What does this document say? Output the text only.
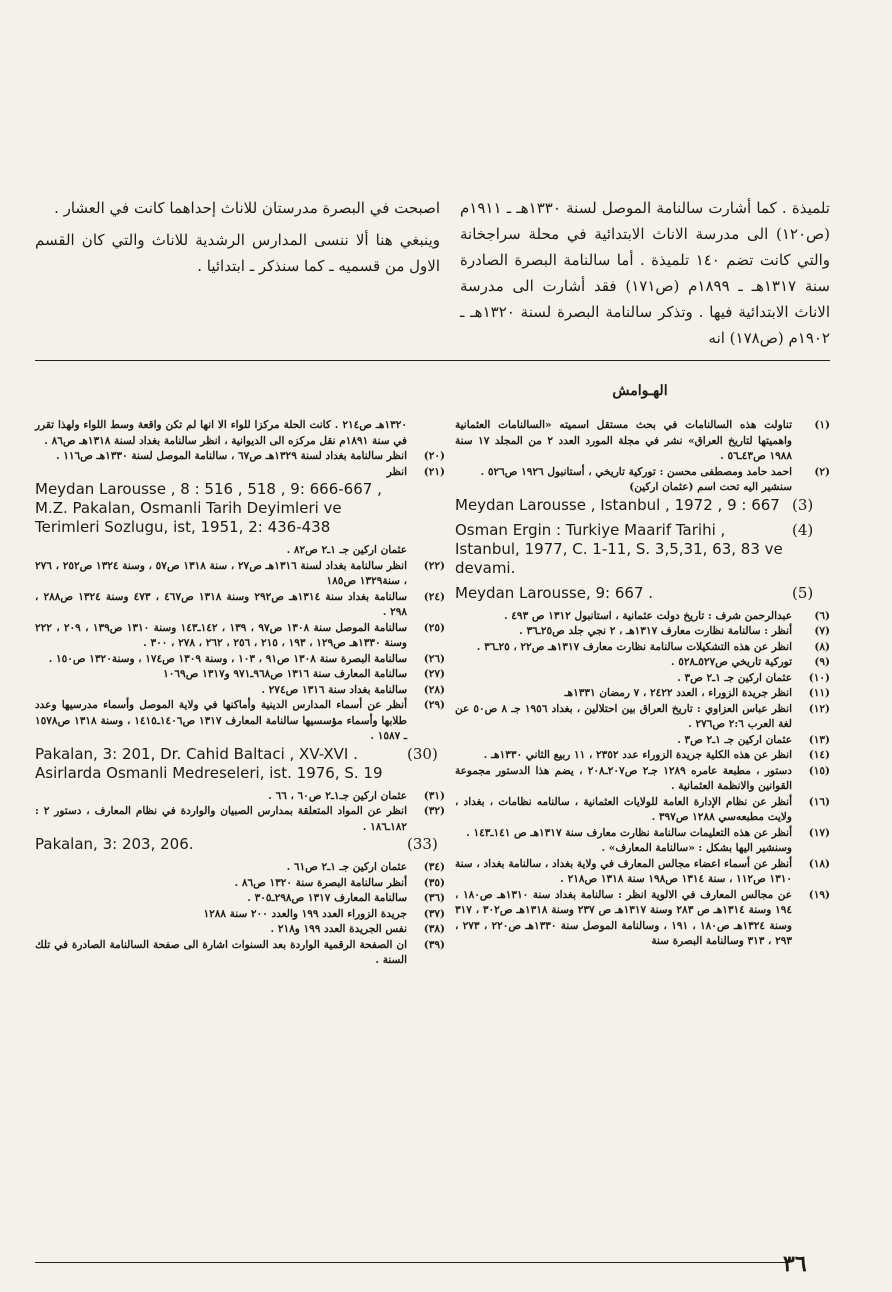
تلميذة . كما أشارت سالنامة الموصل لسنة ١٣٣٠هـ ـ ١٩١١م (ص١٢٠) الى مدرسة الاناث الابتدائية في محلة سراجخانة والتي كانت تضم ١٤٠ تلميذة . أما سالنامة البصرة الصادرة سنة ١٣١٧هـ ـ ١٨٩٩م (ص١٧١) فقد أشارت الى مدرسة الاناث الابتدائية فيها . وتذكر سالنامة البصرة لسنة ١٣٢٠هـ ـ ١٩٠٢م (ص١٧٨) انه

اصبحت في البصرة مدرستان للاناث إحداهما كانت في العشار .

وينبغي هنا ألا ننسى المدارس الرشدية للاناث والتي كان القسم الاول من قسميه ـ كما سنذكر ـ ابتدائيا .

الهـوامش
(١)
تناولت هذه السالنامات في بحث مستقل اسميته «السالنامات العثمانية واهميتها لتاريخ العراق» نشر في مجلة المورد العدد ٢ من المجلد ١٧ سنة ١٩٨٨ ص٤٣ـ٥٦ .
(٢)
احمد حامد ومصطفى محسن : توركية تاريخي ، أستانبول ١٩٢٦ ص٥٢٦ .
سنشير اليه تحت اسم (عثمان اركين)
(3)
Meydan Larousse , Istanbul , 1972 , 9 : 667
(4)
Osman Ergin : Turkiye Maarif Tarihi , Istanbul, 1977, C. 1-11, S. 3,5,31, 63, 83 ve devami.
(5)
Meydan Larousse, 9: 667 .
(٦)
عبدالرحمن شرف : تاريخ دولت عثمانية ، استانبول ١٣١٢ ص ٤٩٣ .
(٧)
أنظر : سالنامة نظارت معارف ١٣١٧هـ ، ٢ نجي جلد ص٢٥ـ٣٦ .
(٨)
انظر عن هذه التشكيلات سالنامة نظارت معارف ١٣١٧هـ ص٢٢ ، ٢٥ـ٣٦ .
(٩)
توركية تاريخي ص٥٢٧ـ٥٢٨ .
(١٠)
عثمان اركين جـ ١ـ٢ ص٣ .
(١١)
انظر جريدة الزوراء ، العدد ٢٤٢٢ ، ٧ رمضان ١٣٣١هـ
(١٢)
انظر عباس العزاوي : تاريخ العراق بين احتلالين ، بغداد ١٩٥٦ جـ ٨ ص٥٠ عن لغة العرب ٢:٦ ص٢٧٦ .
(١٣)
عثمان اركين جـ ١ـ٢ ص٣ .
(١٤)
انظر عن هذه الكلية جريدة الزوراء عدد ٢٣٥٢ ، ١١ ربيع الثاني ١٣٣٠هـ .
(١٥)
دستور ، مطبعة عامره ١٢٨٩ جـ٢ ص٢٠٧ـ٢٠٨ ، يضم هذا الدستور مجموعة القوانين والانظمة العثمانية .
(١٦)
أنظر عن نظام الإدارة العامة للولايات العثمانية ، سالنامه نظامات ، بغداد ، ولايت مطبعه‌سي ١٢٨٨ ص٣٩٧ .
(١٧)
أنظر عن هذه التعليمات سالنامة نظارت معارف سنة ١٣١٧هـ ص ١٤١ـ١٤٣ .
وسنشير اليها بشكل : «سالنامة المعارف» .
(١٨)
أنظر عن أسماء اعضاء مجالس المعارف في ولاية بغداد ، سالنامة بغداد ، سنة ١٣١٠ ص١١٢ ، سنة ١٣١٤ ص١٩٨ سنة ١٣١٨ ص٢١٨ .
(١٩)
عن مجالس المعارف في الالوية انظر : سالنامة بغداد سنة ١٣١٠هـ ص١٨٠ ، ١٩٤ وسنة ١٣١٤هـ ص ٢٨٣ وسنة ١٣١٧هـ ص ٢٣٧ وسنة ١٣١٨هـ ص٣٠٢ ، ٣١٧ وسنة ١٣٢٤هـ ص١٨٠ ، ١٩١ ، وسالنامة الموصل سنة ١٣٣٠هـ ص٢٢٠ ، ٢٧٣ ، ٢٩٣ ، ٣١٣ وسالنامة البصرة سنة
١٣٢٠هـ ص٢١٤ . كانت الحلة مركزا للواء الا انها لم تكن واقعة وسط اللواء ولهذا تقرر في سنة ١٨٩١م نقل مركزه الى الديوانية ، انظر سالنامة بغداد لسنة ١٣١٨هـ ص٨٦ .
(٢٠)
انظر سالنامة بغداد لسنة ١٣٢٩هـ ص٦٧ ، سالنامة الموصل لسنة ١٣٣٠هـ ص١١٦ .
(٢١)
انظر
Meydan Larousse , 8 : 516 , 518 , 9: 666-667 , M.Z. Pakalan, Osmanli Tarih Deyimleri ve Terimleri Sozlugu, ist, 1951, 2: 436-438
عثمان اركين جـ ١ـ٢ ص٨٢ .
(٢٢)
انظر سالنامة بغداد لسنة ١٣١٦هـ ص٢٧ ، سنة ١٣١٨ ص٥٧ ، وسنة ١٣٢٤ ص٢٥٢ ، ٢٧٦ ، سنة١٣٢٩ ص١٨٥
(٢٤)
سالنامة بغداد سنة ١٣١٤هـ ص٢٩٢ وسنة ١٣١٨ ص٤٦٧ ، ٤٧٣ وسنة ١٣٢٤ ص٢٨٨ ، ٢٩٨ .
(٢٥)
سالنامة الموصل سنة ١٣٠٨ ص٩٧ ، ١٣٩ ، ١٤٢ـ١٤٣ وسنة ١٣١٠ ص١٣٩ ، ٢٠٩ ، ٢٢٢ وسنة ١٣٣٠هـ ص١٢٩ ، ١٩٣ ، ٢١٥ ، ٢٥٦ ، ٢٦٢ ، ٢٧٨ ، ٣٠٠ .
(٢٦)
سالنامة البصرة سنة ١٣٠٨ ص٩١ ، ١٠٣ ، وسنة ١٣٠٩ ص١٧٤ ، وسنة١٣٢٠ ص١٥٠ .
(٢٧)
سالنامة المعارف سنة ١٣١٦ ص٩٦٨ـ٩٧١ و١٣١٧ ص١٠٦٩
(٢٨)
سالنامة بغداد سنة ١٣١٦ ص٢٧٤ .
(٢٩)
أنظر عن أسماء المدارس الدينية وأماكنها في ولاية الموصل وأسماء مدرسيها وعدد طلابها وأسماء مؤسسيها سالنامة المعارف ١٣١٧ ص١٤٠٦ـ١٤١٥ ، وسنة ١٣١٨ ص١٥٧٨ ـ ١٥٨٧ .
(30)
Pakalan, 3: 201, Dr. Cahid Baltaci , XV-XVI . Asirlarda Osmanli Medreseleri, ist. 1976, S. 19
(٣١)
عثمان اركين جـ١ـ٢ ص٦٠ ، ٦٦ .
(٣٢)
انظر عن المواد المتعلقة بمدارس الصبيان والواردة في نظام المعارف ، دستور ٢ : ١٨٢ـ١٨٦ .
(33)
Pakalan, 3: 203, 206.
(٣٤)
عثمان اركين جـ ١ـ٢ ص٦١ .
(٣٥)
أنظر سالنامة البصرة سنة ١٣٢٠ ص٨٦ .
(٣٦)
سالنامة المعارف ١٣١٧ ص٢٩٨ـ٣٠٥ .
(٣٧)
جريدة الزوراء العدد ١٩٩ والعدد ٢٠٠ سنة ١٢٨٨
(٣٨)
نفس الجريدة العدد ١٩٩ و٢١٨ .
(٣٩)
ان الصفحة الرقمية الواردة بعد السنوات اشارة الى صفحة السالنامة الصادرة في تلك السنة .
٣٦
